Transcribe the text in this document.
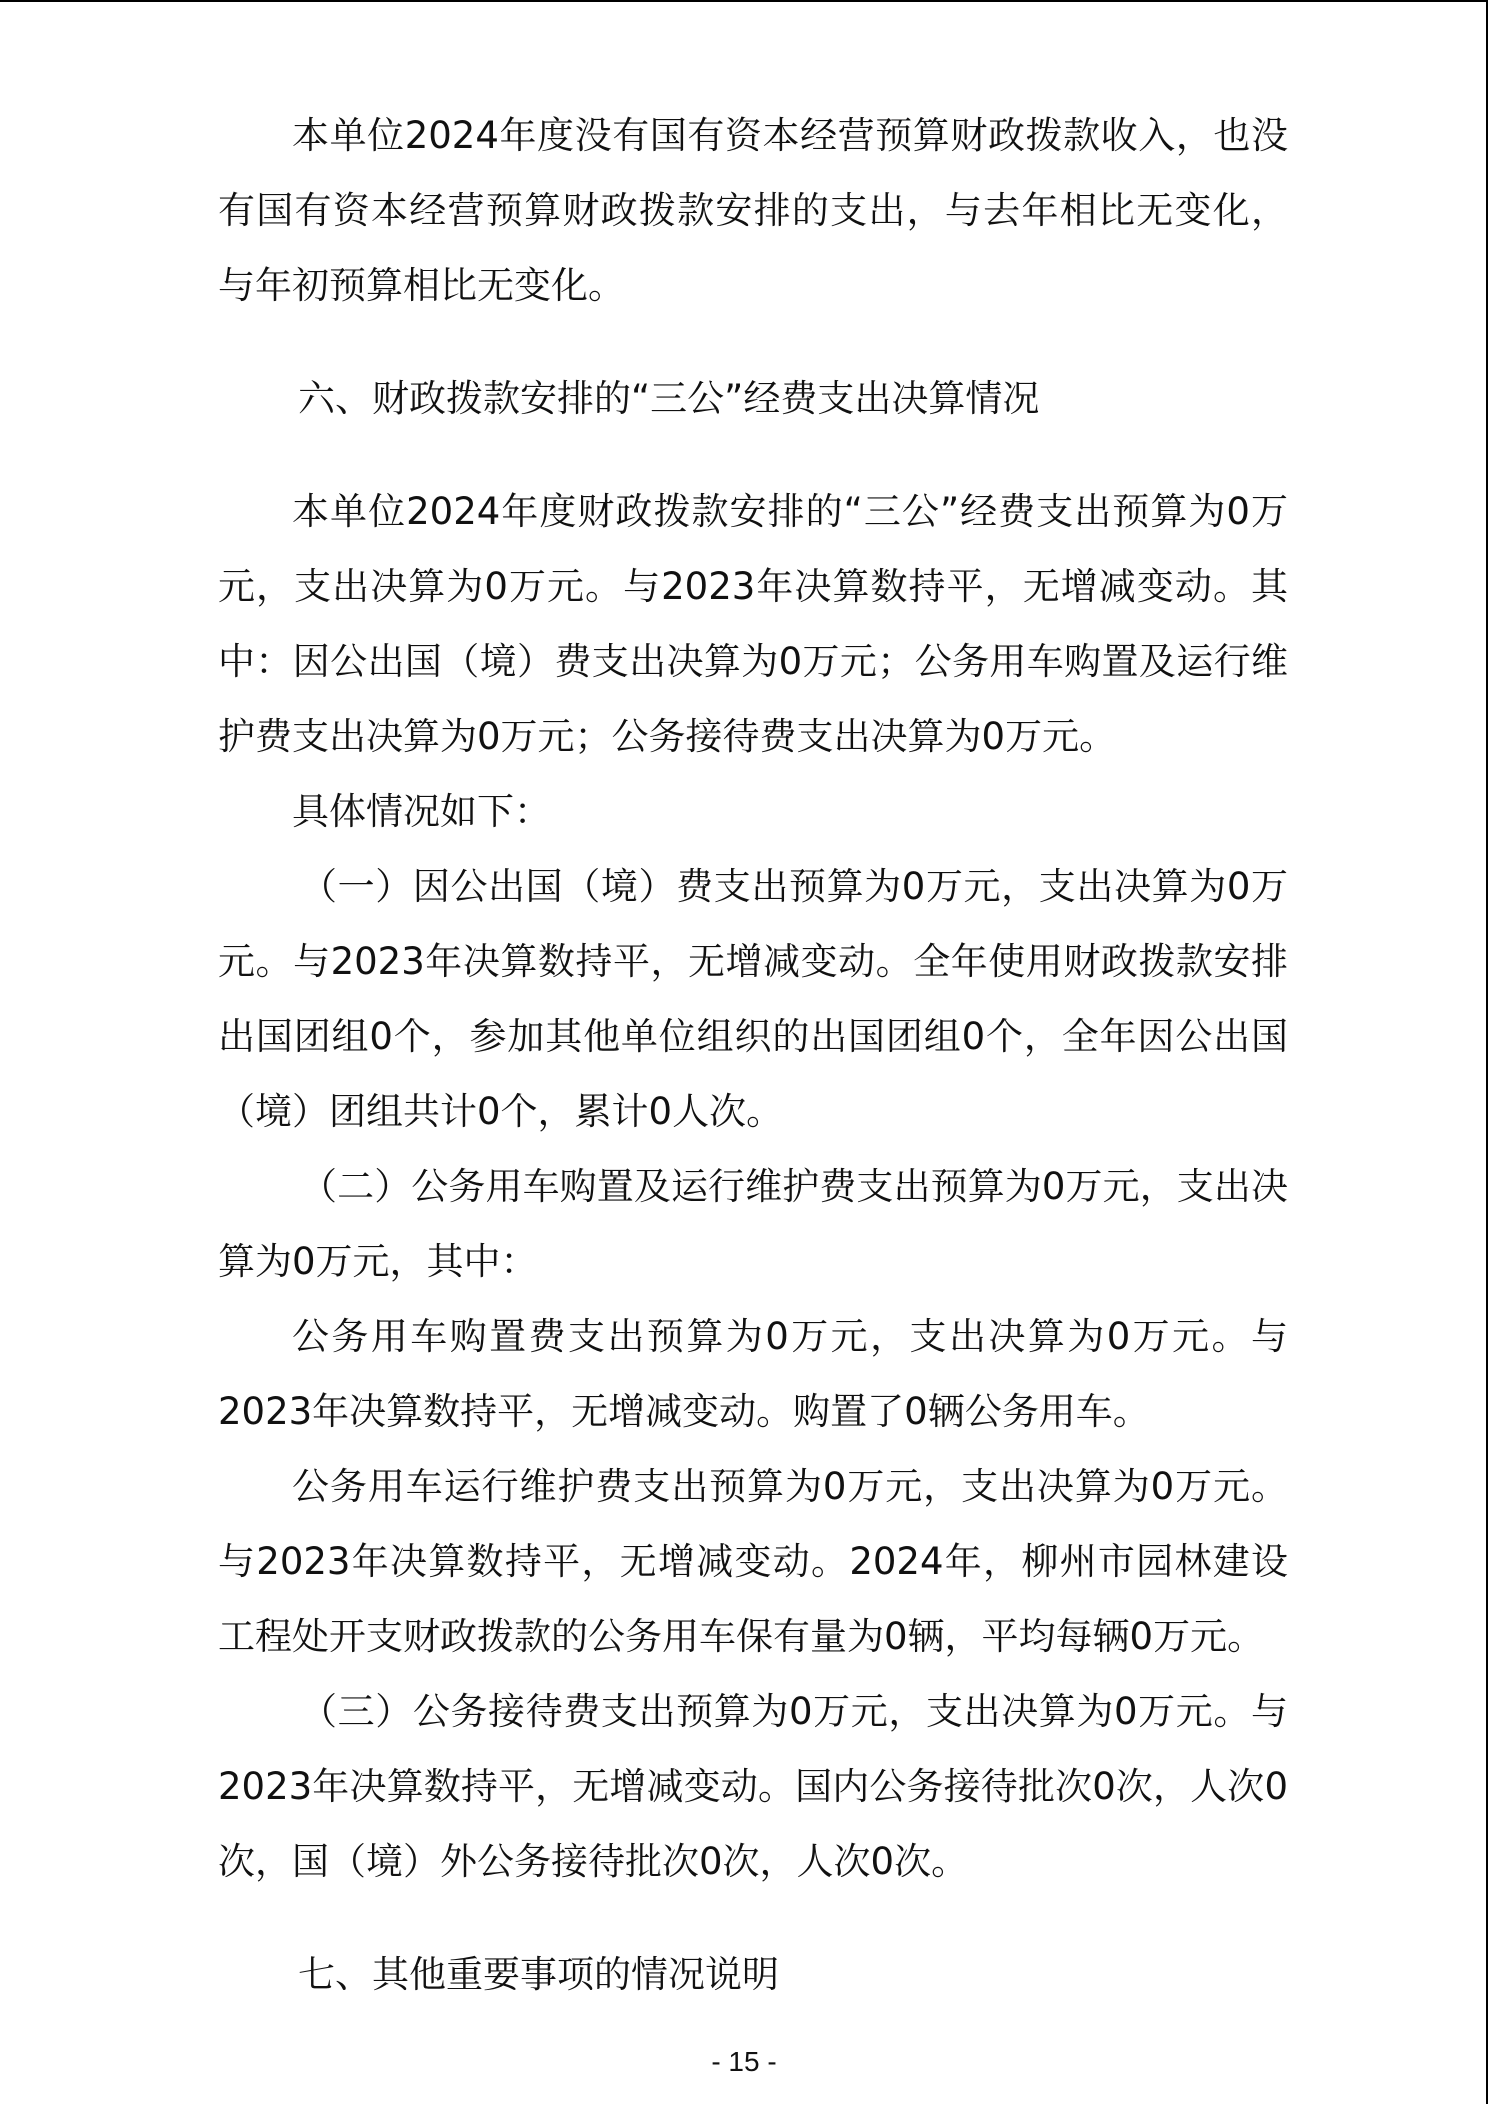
本单位2024年度没有国有资本经营预算财政拨款收入，也没有国有资本经营预算财政拨款安排的支出，与去年相比无变化，与年初预算相比无变化。

六、财政拨款安排的“三公”经费支出决算情况

本单位2024年度财政拨款安排的“三公”经费支出预算为0万元，支出决算为0万元。与2023年决算数持平，无增减变动。其中：因公出国（境）费支出决算为0万元；公务用车购置及运行维护费支出决算为0万元；公务接待费支出决算为0万元。

具体情况如下：

（一）因公出国（境）费支出预算为0万元，支出决算为0万元。与2023年决算数持平，无增减变动。全年使用财政拨款安排出国团组0个，参加其他单位组织的出国团组0个，全年因公出国（境）团组共计0个，累计0人次。

（二）公务用车购置及运行维护费支出预算为0万元，支出决算为0万元，其中：

公务用车购置费支出预算为0万元，支出决算为0万元。与2023年决算数持平，无增减变动。购置了0辆公务用车。

公务用车运行维护费支出预算为0万元，支出决算为0万元。与2023年决算数持平，无增减变动。2024年，柳州市园林建设工程处开支财政拨款的公务用车保有量为0辆，平均每辆0万元。

（三）公务接待费支出预算为0万元，支出决算为0万元。与2023年决算数持平，无增减变动。国内公务接待批次0次，人次0次，国（境）外公务接待批次0次，人次0次。

七、其他重要事项的情况说明

- 15 -
